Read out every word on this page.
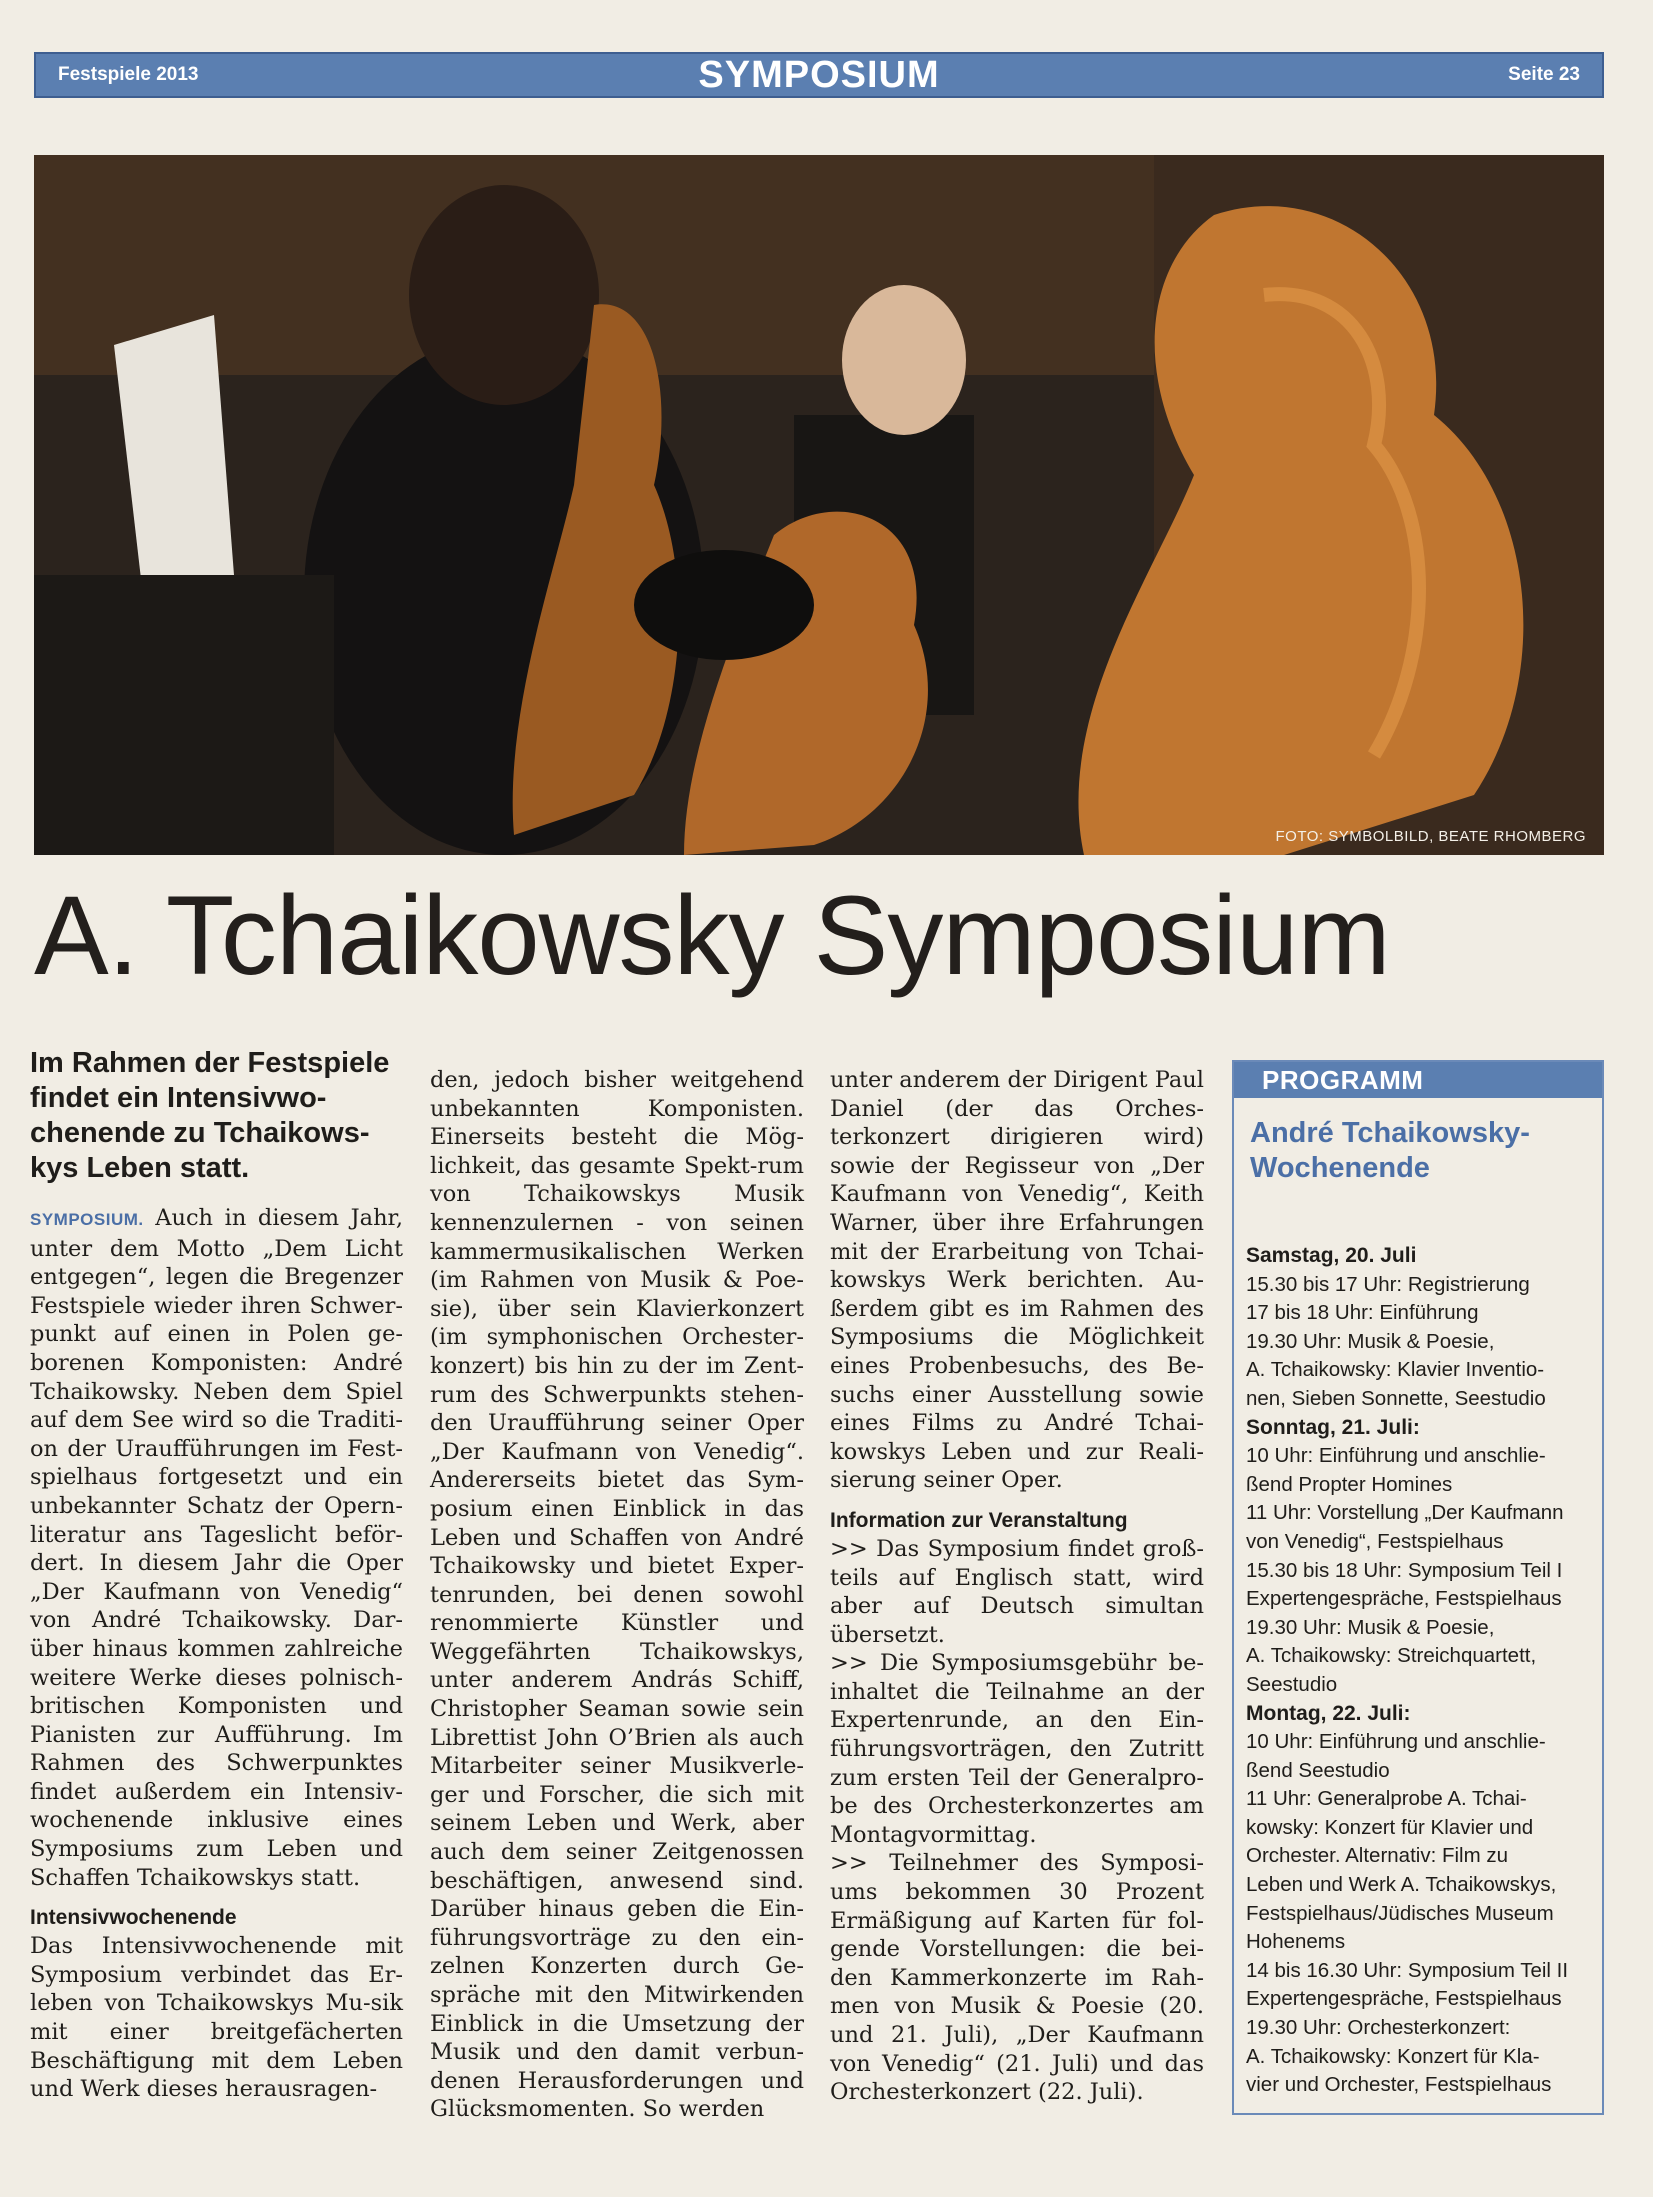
Festspiele 2013	SYMPOSIUM	Seite 23
FOTO: SYMBOLBILD, BEATE RHOMBERG
A. Tchaikowsky Symposium

Im Rahmen der Festspiele findet ein Intensivwo-chenende zu Tchaikows-kys Leben statt.

SYMPOSIUM. Auch in diesem Jahr, unter dem Motto „Dem Licht entgegen“, legen die Bregenzer Festspiele wieder ihren Schwer-punkt auf einen in Polen ge-borenen Komponisten: André Tchaikowsky. Neben dem Spiel auf dem See wird so die Traditi-on der Uraufführungen im Fest-spielhaus fortgesetzt und ein unbekannter Schatz der Opern-literatur ans Tageslicht beför-dert. In diesem Jahr die Oper „Der Kaufmann von Venedig“ von André Tchaikowsky. Dar-über hinaus kommen zahlreiche weitere Werke dieses polnisch-britischen Komponisten und Pianisten zur Aufführung. Im Rahmen des Schwerpunktes findet außerdem ein Intensiv-wochenende inklusive eines Symposiums zum Leben und Schaffen Tchaikowskys statt.

Intensivwochenende

Das Intensivwochenende mit Symposium verbindet das Er-leben von Tchaikowskys Mu-sik mit einer breitgefächerten Beschäftigung mit dem Leben und Werk dieses herausragen-

den, jedoch bisher weitgehend unbekannten Komponisten. Einerseits besteht die Mög-lichkeit, das gesamte Spekt-rum von Tchaikowskys Musik kennenzulernen - von seinen kammermusikalischen Werken (im Rahmen von Musik & Poe-sie), über sein Klavierkonzert (im symphonischen Orchester-konzert) bis hin zu der im Zent-rum des Schwerpunkts stehen-den Uraufführung seiner Oper „Der Kaufmann von Venedig“. Andererseits bietet das Sym-posium einen Einblick in das Leben und Schaffen von André Tchaikowsky und bietet Exper-tenrunden, bei denen sowohl renommierte Künstler und Weggefährten Tchaikowskys, unter anderem András Schiff, Christopher Seaman sowie sein Librettist John O’Brien als auch Mitarbeiter seiner Musikverle-ger und Forscher, die sich mit seinem Leben und Werk, aber auch dem seiner Zeitgenossen beschäftigen, anwesend sind. Darüber hinaus geben die Ein-führungsvorträge zu den ein-zelnen Konzerten durch Ge-spräche mit den Mitwirkenden Einblick in die Umsetzung der Musik und den damit verbun-denen Herausforderungen und Glücksmomenten. So werden

unter anderem der Dirigent Paul Daniel (der das Orches-terkonzert dirigieren wird) sowie der Regisseur von „Der Kaufmann von Venedig“, Keith Warner, über ihre Erfahrungen mit der Erarbeitung von Tchai-kowskys Werk berichten. Au-ßerdem gibt es im Rahmen des Symposiums die Möglichkeit eines Probenbesuchs, des Be-suchs einer Ausstellung sowie eines Films zu André Tchai-kowskys Leben und zur Reali-sierung seiner Oper.

Information zur Veranstaltung

>> Das Symposium findet groß-teils auf Englisch statt, wird aber auf Deutsch simultan übersetzt.

>> Die Symposiumsgebühr be-inhaltet die Teilnahme an der Expertenrunde, an den Ein-führungsvorträgen, den Zutritt zum ersten Teil der Generalpro-be des Orchesterkonzertes am Montagvormittag.

>> Teilnehmer des Symposi-ums bekommen 30 Prozent Ermäßigung auf Karten für fol-gende Vorstellungen: die bei-den Kammerkonzerte im Rah-men von Musik & Poesie (20. und 21. Juli), „Der Kaufmann von Venedig“ (21. Juli) und das Orchesterkonzert (22. Juli).

PROGRAMM
André Tchaikowsky-Wochenende
Samstag, 20. Juli
15.30 bis 17 Uhr: Registrierung
17 bis 18 Uhr: Einführung
19.30 Uhr: Musik & Poesie,
A. Tchaikowsky: Klavier Inventio-
nen, Sieben Sonnette, Seestudio
Sonntag, 21. Juli:
10 Uhr: Einführung und anschlie-
ßend Propter Homines
11 Uhr: Vorstellung „Der Kaufmann
von Venedig“, Festspielhaus
15.30 bis 18 Uhr: Symposium Teil I
Expertengespräche, Festspielhaus
19.30 Uhr: Musik & Poesie,
A. Tchaikowsky: Streichquartett,
Seestudio
Montag, 22. Juli:
10 Uhr: Einführung und anschlie-
ßend Seestudio
11 Uhr: Generalprobe A. Tchai-
kowsky: Konzert für Klavier und
Orchester. Alternativ: Film zu
Leben und Werk A. Tchaikowskys,
Festspielhaus/Jüdisches Museum
Hohenems
14 bis 16.30 Uhr: Symposium Teil II
Expertengespräche, Festspielhaus
19.30 Uhr: Orchesterkonzert:
A. Tchaikowsky: Konzert für Kla-
vier und Orchester, Festspielhaus
